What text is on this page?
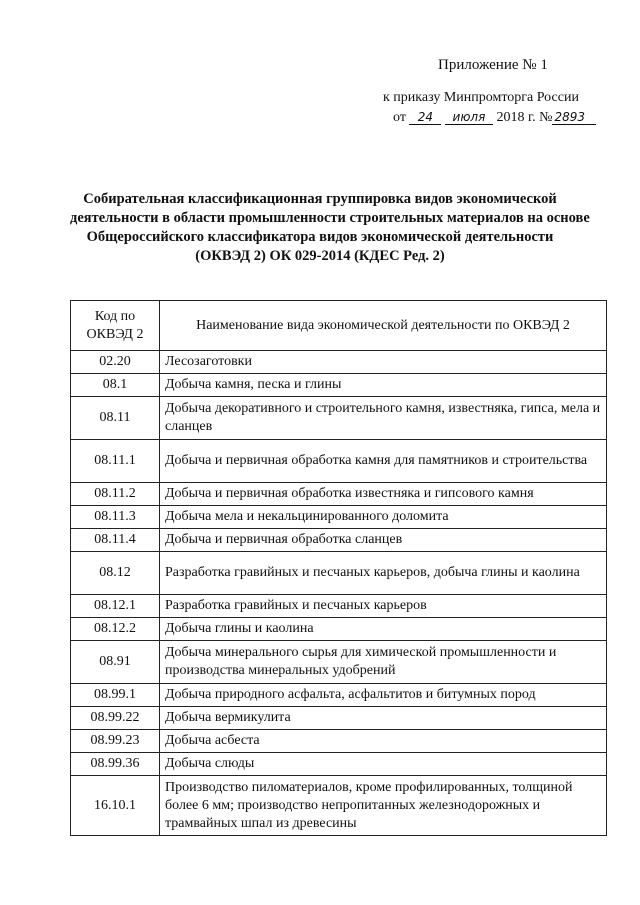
Приложение № 1
к приказу Минпромторга России
от 24 июля 2018 г. № 2893
Собирательная классификационная группировка видов экономической
деятельности в области промышленности строительных материалов на основе
Общероссийского классификатора видов экономической деятельности
(ОКВЭД 2) ОК 029-2014 (КДЕС Ред. 2)
Код по ОКВЭД 2	Наименование вида экономической деятельности по ОКВЭД 2
02.20	Лесозаготовки
08.1	Добыча камня, песка и глины
08.11	Добыча декоративного и строительного камня, известняка, гипса, мела и сланцев
08.11.1	Добыча и первичная обработка камня для памятников и строительства
08.11.2	Добыча и первичная обработка известняка и гипсового камня
08.11.3	Добыча мела и некальцинированного доломита
08.11.4	Добыча и первичная обработка сланцев
08.12	Разработка гравийных и песчаных карьеров, добыча глины и каолина
08.12.1	Разработка гравийных и песчаных карьеров
08.12.2	Добыча глины и каолина
08.91	Добыча минерального сырья для химической промышленности и производства минеральных удобрений
08.99.1	Добыча природного асфальта, асфальтитов и битумных пород
08.99.22	Добыча вермикулита
08.99.23	Добыча асбеста
08.99.36	Добыча слюды
16.10.1	Производство пиломатериалов, кроме профилированных, толщиной более 6 мм; производство непропитанных железнодорожных и трамвайных шпал из древесины
